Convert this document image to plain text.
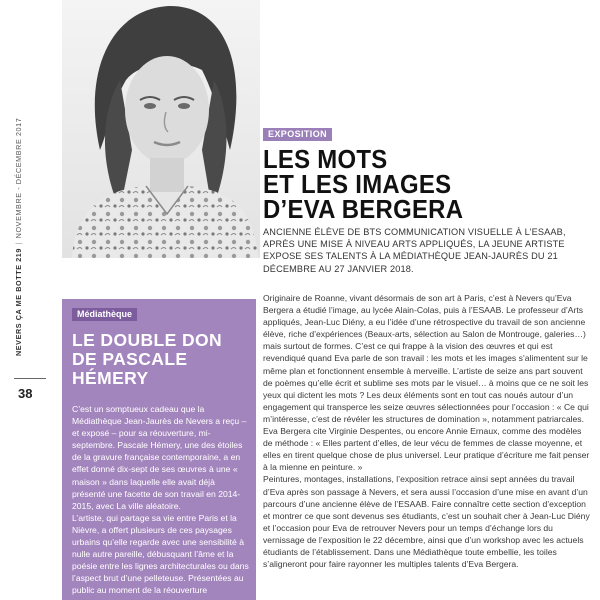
NEVERS ÇA ME BOTTE 219 | NOVEMBRE - DÉCEMBRE 2017
38
EXPOSITION
LES MOTS
ET LES IMAGES
D’EVA BERGERA
ANCIENNE ÉLÈVE DE BTS COMMUNICATION VISUELLE À L’ESAAB, APRÈS UNE MISE À NIVEAU ARTS APPLIQUÉS, LA JEUNE ARTISTE EXPOSE SES TALENTS À LA MÉDIATHÈQUE JEAN-JAURÈS DU 21 DÉCEMBRE AU 27 JANVIER 2018.

Originaire de Roanne, vivant désormais de son art à Paris, c’est à Nevers qu’Eva Bergera a étudié l’image, au lycée Alain-Colas, puis à l’ESAAB. Le professeur d’Arts appliqués, Jean-Luc Diény, a eu l’idée d’une rétrospective du travail de son ancienne élève, riche d’expériences (Beaux-arts, sélection au Salon de Montrouge, galeries…) mais surtout de formes. C’est ce qui frappe à la vision des œuvres et qui est revendiqué quand Eva parle de son travail : les mots et les images s’alimentent sur le même plan et fonctionnent ensemble à merveille. L’artiste de seize ans part souvent de poèmes qu’elle écrit et sublime ses mots par le visuel… à moins que ce ne soit les yeux qui dictent les mots ? Les deux éléments sont en tout cas noués autour d’un engagement qui transperce les seize œuvres sélectionnées pour l’occasion : « Ce qui m’intéresse, c’est de révéler les structures de domination », notamment patriarcales. Eva Bergera cite Virginie Despentes, ou encore Annie Ernaux, comme des modèles de méthode : « Elles partent d’elles, de leur vécu de femmes de classe moyenne, et elles en tirent quelque chose de plus universel. Leur pratique d’écriture me fait penser à la mienne en peinture. »

Peintures, montages, installations, l’exposition retrace ainsi sept années du travail d’Eva après son passage à Nevers, et sera aussi l’occasion d’une mise en avant d’un parcours d’une ancienne élève de l’ESAAB. Faire connaître cette section d’exception et montrer ce que sont devenus ses étudiants, c’est un souhait cher à Jean-Luc Diény et l’occasion pour Eva de retrouver Nevers pour un temps d’échange lors du vernissage de l’exposition le 22 décembre, ainsi que d’un workshop avec les actuels étudiants de l’établissement. Dans une Médiathèque toute embellie, les toiles s’aligneront pour faire rayonner les multiples talents d’Eva Bergera.

Médiathèque
LE DOUBLE DON DE PASCALE HÉMERY

C’est un somptueux cadeau que la Médiathèque Jean-Jaurès de Nevers a reçu – et exposé – pour sa réouverture, mi-septembre. Pascale Hémery, une des étoiles de la gravure française contemporaine, a en effet donné dix-sept de ses œuvres à une « maison » dans laquelle elle avait déjà présenté une facette de son travail en 2014-2015, avec La ville aléatoire.

L’artiste, qui partage sa vie entre Paris et la Nièvre, a offert plusieurs de ces paysages urbains qu’elle regarde avec une sensibilité à nulle autre pareille, débusquant l’âme et la poésie entre les lignes architecturales ou dans l’aspect brut d’une pelleteuse. Présentées au public au moment de la réouverture
